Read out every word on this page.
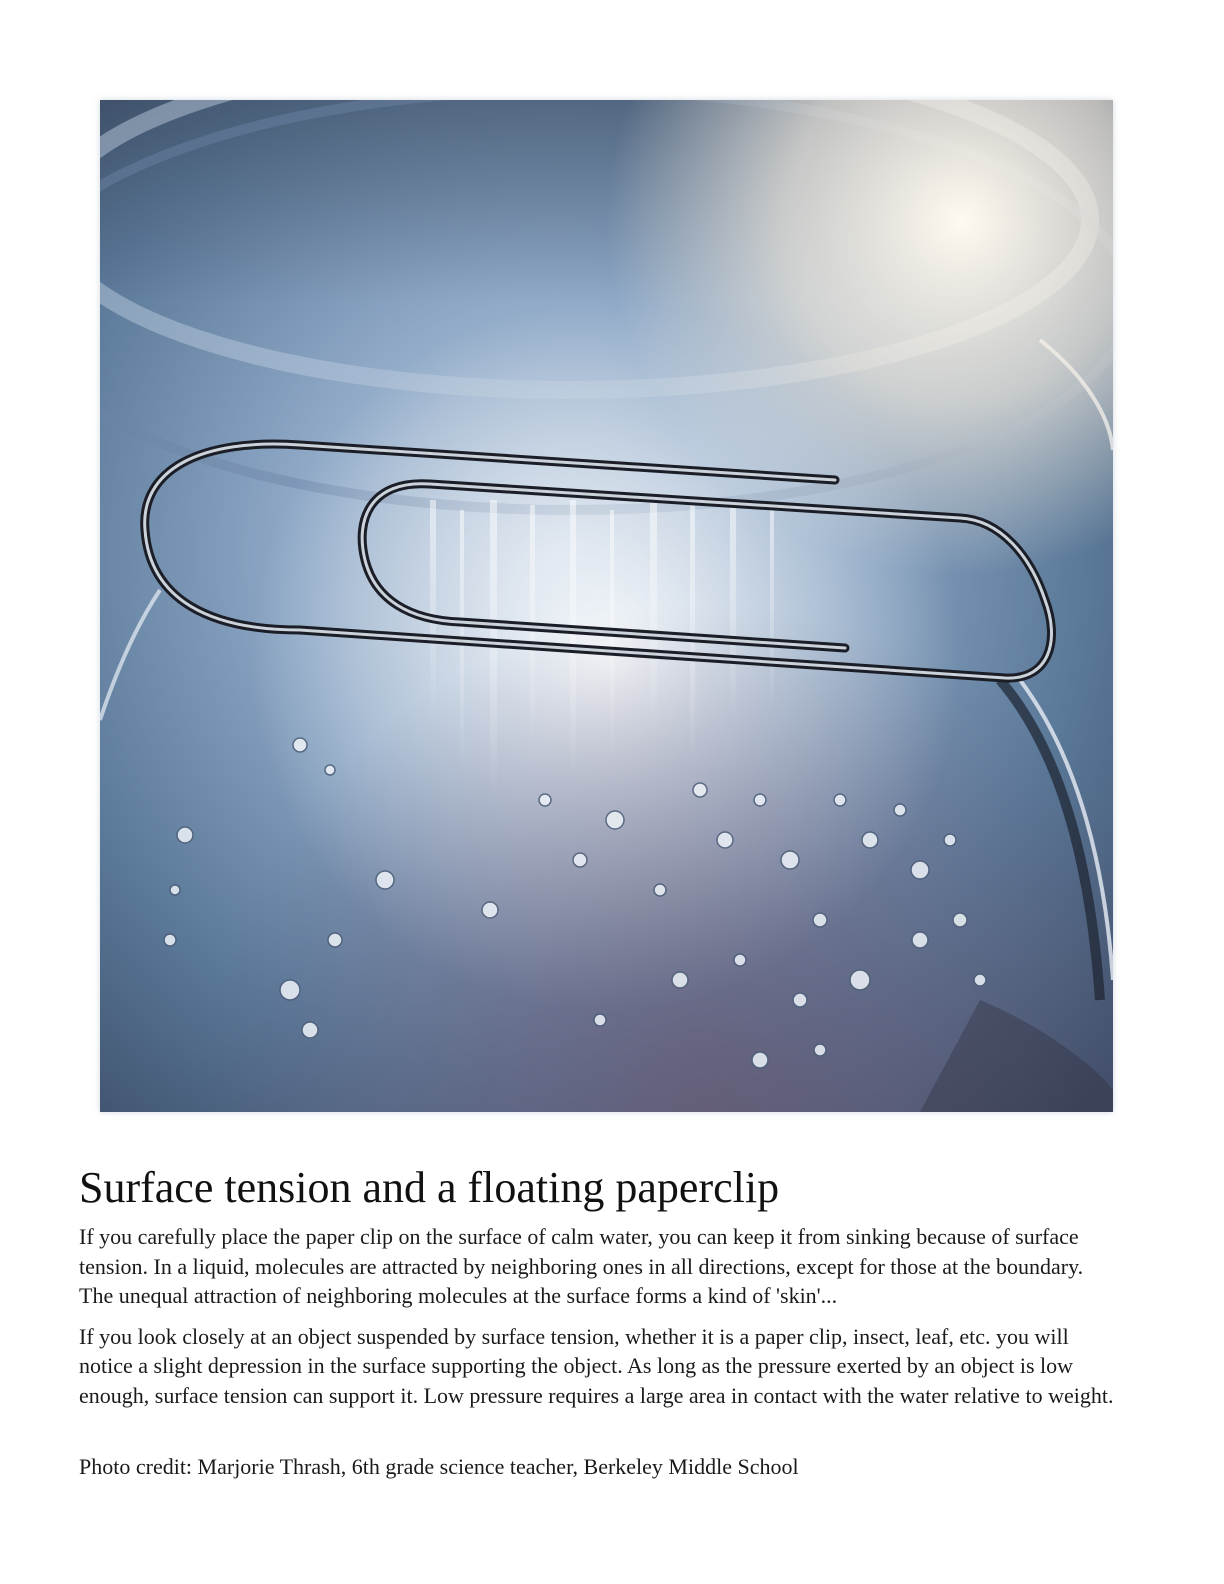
Surface tension and a floating paperclip

If you carefully place the paper clip on the surface of calm water, you can keep it from sinking because of surface tension. In a liquid, molecules are attracted by neighboring ones in all directions, except for those at the boundary. The unequal attraction of neighboring molecules at the surface forms a kind of 'skin'...

If you look closely at an object suspended by surface tension, whether it is a paper clip, insect, leaf, etc. you will notice a slight depression in the surface supporting the object. As long as the pressure exerted by an object is low enough, surface tension can support it. Low pressure requires a large area in contact with the water relative to weight.

Photo credit: Marjorie Thrash, 6th grade science teacher, Berkeley Middle School
